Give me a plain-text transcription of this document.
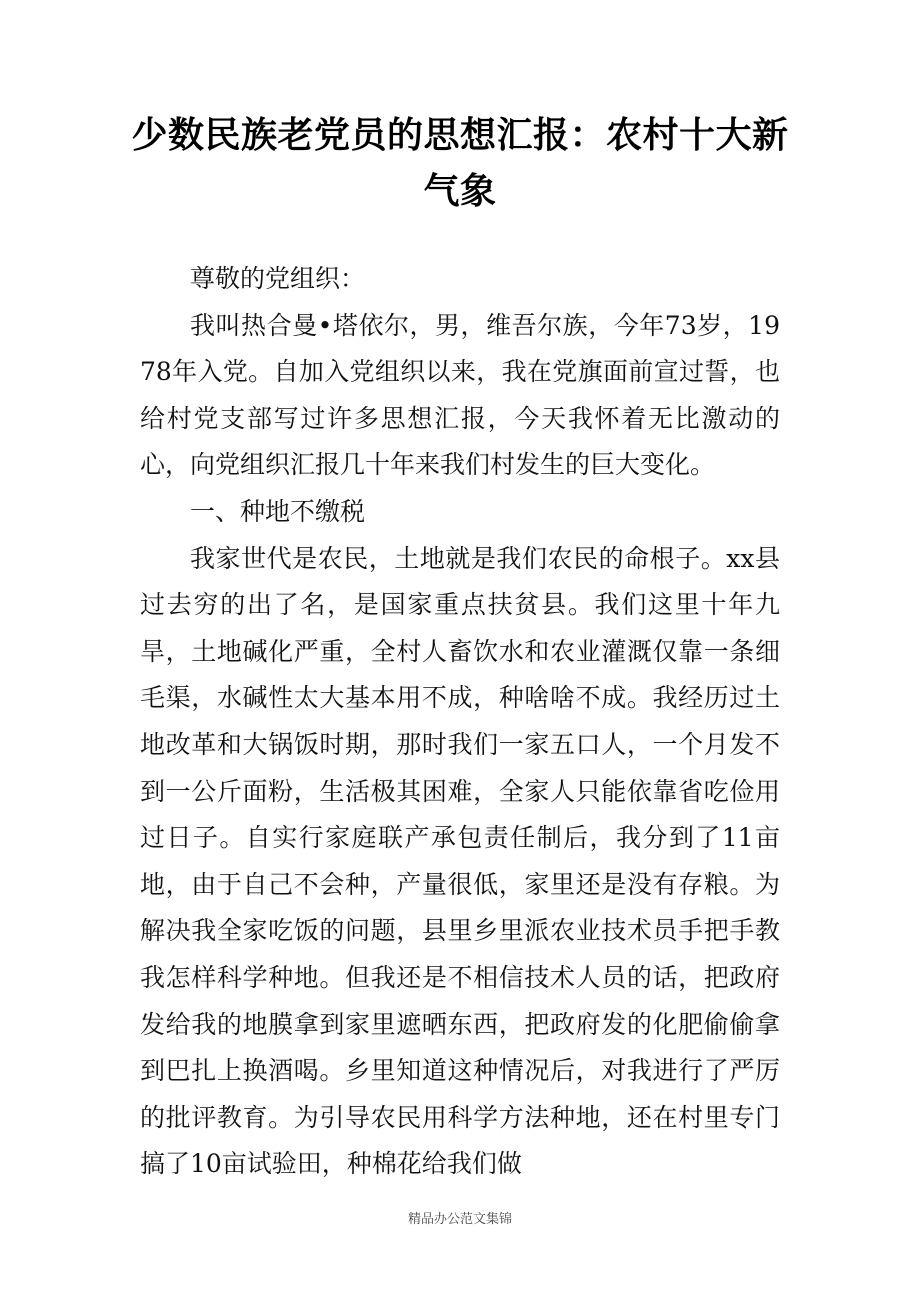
少数民族老党员的思想汇报：农村十大新气象

尊敬的党组织：

我叫热合曼•塔依尔，男，维吾尔族，今年73岁，1978年入党。自加入党组织以来，我在党旗面前宣过誓，也给村党支部写过许多思想汇报，今天我怀着无比激动的心，向党组织汇报几十年来我们村发生的巨大变化。

一、种地不缴税

我家世代是农民，土地就是我们农民的命根子。xx县过去穷的出了名，是国家重点扶贫县。我们这里十年九旱，土地碱化严重，全村人畜饮水和农业灌溉仅靠一条细毛渠，水碱性太大基本用不成，种啥啥不成。我经历过土地改革和大锅饭时期，那时我们一家五口人，一个月发不到一公斤面粉，生活极其困难，全家人只能依靠省吃俭用过日子。自实行家庭联产承包责任制后，我分到了11亩地，由于自己不会种，产量很低，家里还是没有存粮。为解决我全家吃饭的问题，县里乡里派农业技术员手把手教我怎样科学种地。但我还是不相信技术人员的话，把政府发给我的地膜拿到家里遮晒东西，把政府发的化肥偷偷拿到巴扎上换酒喝。乡里知道这种情况后，对我进行了严厉的批评教育。为引导农民用科学方法种地，还在村里专门搞了10亩试验田，种棉花给我们做

精品办公范文集锦
